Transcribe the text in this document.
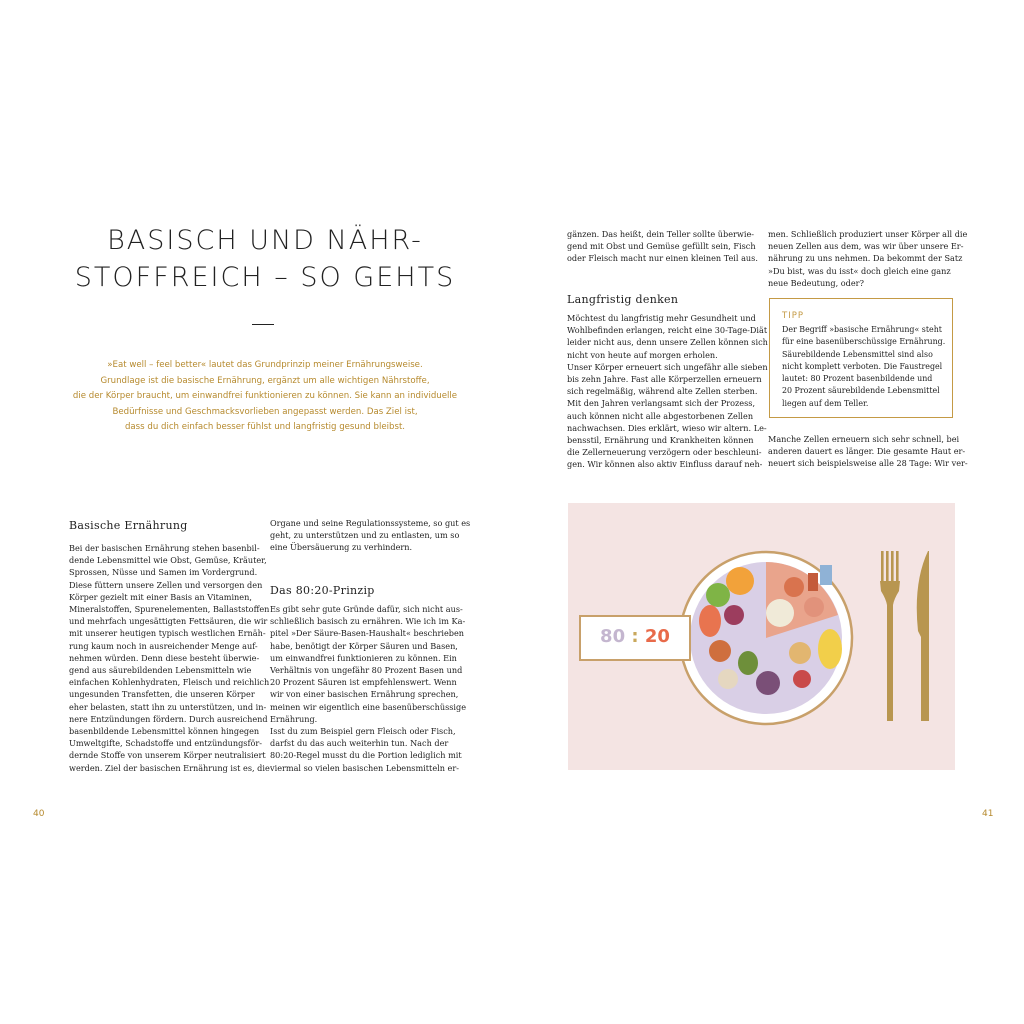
BASISCH UND NÄHR-
STOFFREICH – SO GEHTS
»Eat well – feel better« lautet das Grundprinzip meiner Ernährungsweise.
Grundlage ist die basische Ernährung, ergänzt um alle wichtigen Nährstoffe,
die der Körper braucht, um einwandfrei funktionieren zu können. Sie kann an individuelle
Bedürfnisse und Geschmacksvorlieben angepasst werden. Das Ziel ist,
dass du dich einfach besser fühlst und langfristig gesund bleibst.
Basische Ernährung
Bei der basischen Ernährung stehen basenbil-
dende Lebensmittel wie Obst, Gemüse, Kräuter,
Sprossen, Nüsse und Samen im Vordergrund.
Diese füttern unsere Zellen und versorgen den
Körper gezielt mit einer Basis an Vitaminen,
Mineralstoffen, Spurenelementen, Ballaststoffen
und mehrfach ungesättigten Fettsäuren, die wir
mit unserer heutigen typisch westlichen Ernäh-
rung kaum noch in ausreichender Menge auf-
nehmen würden. Denn diese besteht überwie-
gend aus säurebildenden Lebensmitteln wie
einfachen Kohlenhydraten, Fleisch und reichlich
ungesunden Transfetten, die unseren Körper
eher belasten, statt ihn zu unterstützen, und in-
nere Entzündungen fördern. Durch ausreichend
basenbildende Lebensmittel können hingegen
Umweltgifte, Schadstoffe und entzündungsför-
dernde Stoffe von unserem Körper neutralisiert
werden. Ziel der basischen Ernährung ist es, die
Organe und seine Regulationssysteme, so gut es
geht, zu unterstützen und zu entlasten, um so
eine Übersäuerung zu verhindern.
Das 80:20-Prinzip
Es gibt sehr gute Gründe dafür, sich nicht aus-
schließlich basisch zu ernähren. Wie ich im Ka-
pitel »Der Säure-Basen-Haushalt« beschrieben
habe, benötigt der Körper Säuren und Basen,
um einwandfrei funktionieren zu können. Ein
Verhältnis von ungefähr 80 Prozent Basen und
20 Prozent Säuren ist empfehlenswert. Wenn
wir von einer basischen Ernährung sprechen,
meinen wir eigentlich eine basenüberschüssige
Ernährung.
Isst du zum Beispiel gern Fleisch oder Fisch,
darfst du das auch weiterhin tun. Nach der
80:20-Regel musst du die Portion lediglich mit
viermal so vielen basischen Lebensmitteln er-
40
gänzen. Das heißt, dein Teller sollte überwie-
gend mit Obst und Gemüse gefüllt sein, Fisch
oder Fleisch macht nur einen kleinen Teil aus.
Langfristig denken
Möchtest du langfristig mehr Gesundheit und
Wohlbefinden erlangen, reicht eine 30-Tage-Diät
leider nicht aus, denn unsere Zellen können sich
nicht von heute auf morgen erholen.
Unser Körper erneuert sich ungefähr alle sieben
bis zehn Jahre. Fast alle Körperzellen erneuern
sich regelmäßig, während alte Zellen sterben.
Mit den Jahren verlangsamt sich der Prozess,
auch können nicht alle abgestorbenen Zellen
nachwachsen. Dies erklärt, wieso wir altern. Le-
bensstil, Ernährung und Krankheiten können
die Zellerneuerung verzögern oder beschleuni-
gen. Wir können also aktiv Einfluss darauf neh-
men. Schließlich produziert unser Körper all die
neuen Zellen aus dem, was wir über unsere Er-
nährung zu uns nehmen. Da bekommt der Satz
»Du bist, was du isst« doch gleich eine ganz
neue Bedeutung, oder?
TIPP
Der Begriff »basische Ernährung« steht
für eine basenüberschüssige Ernährung.
Säurebildende Lebensmittel sind also
nicht komplett verboten. Die Faustregel
lautet: 80 Prozent basenbildende und
20 Prozent säurebildende Lebensmittel
liegen auf dem Teller.
Manche Zellen erneuern sich sehr schnell, bei
anderen dauert es länger. Die gesamte Haut er-
neuert sich beispielsweise alle 28 Tage: Wir ver-
80 : 20
41
